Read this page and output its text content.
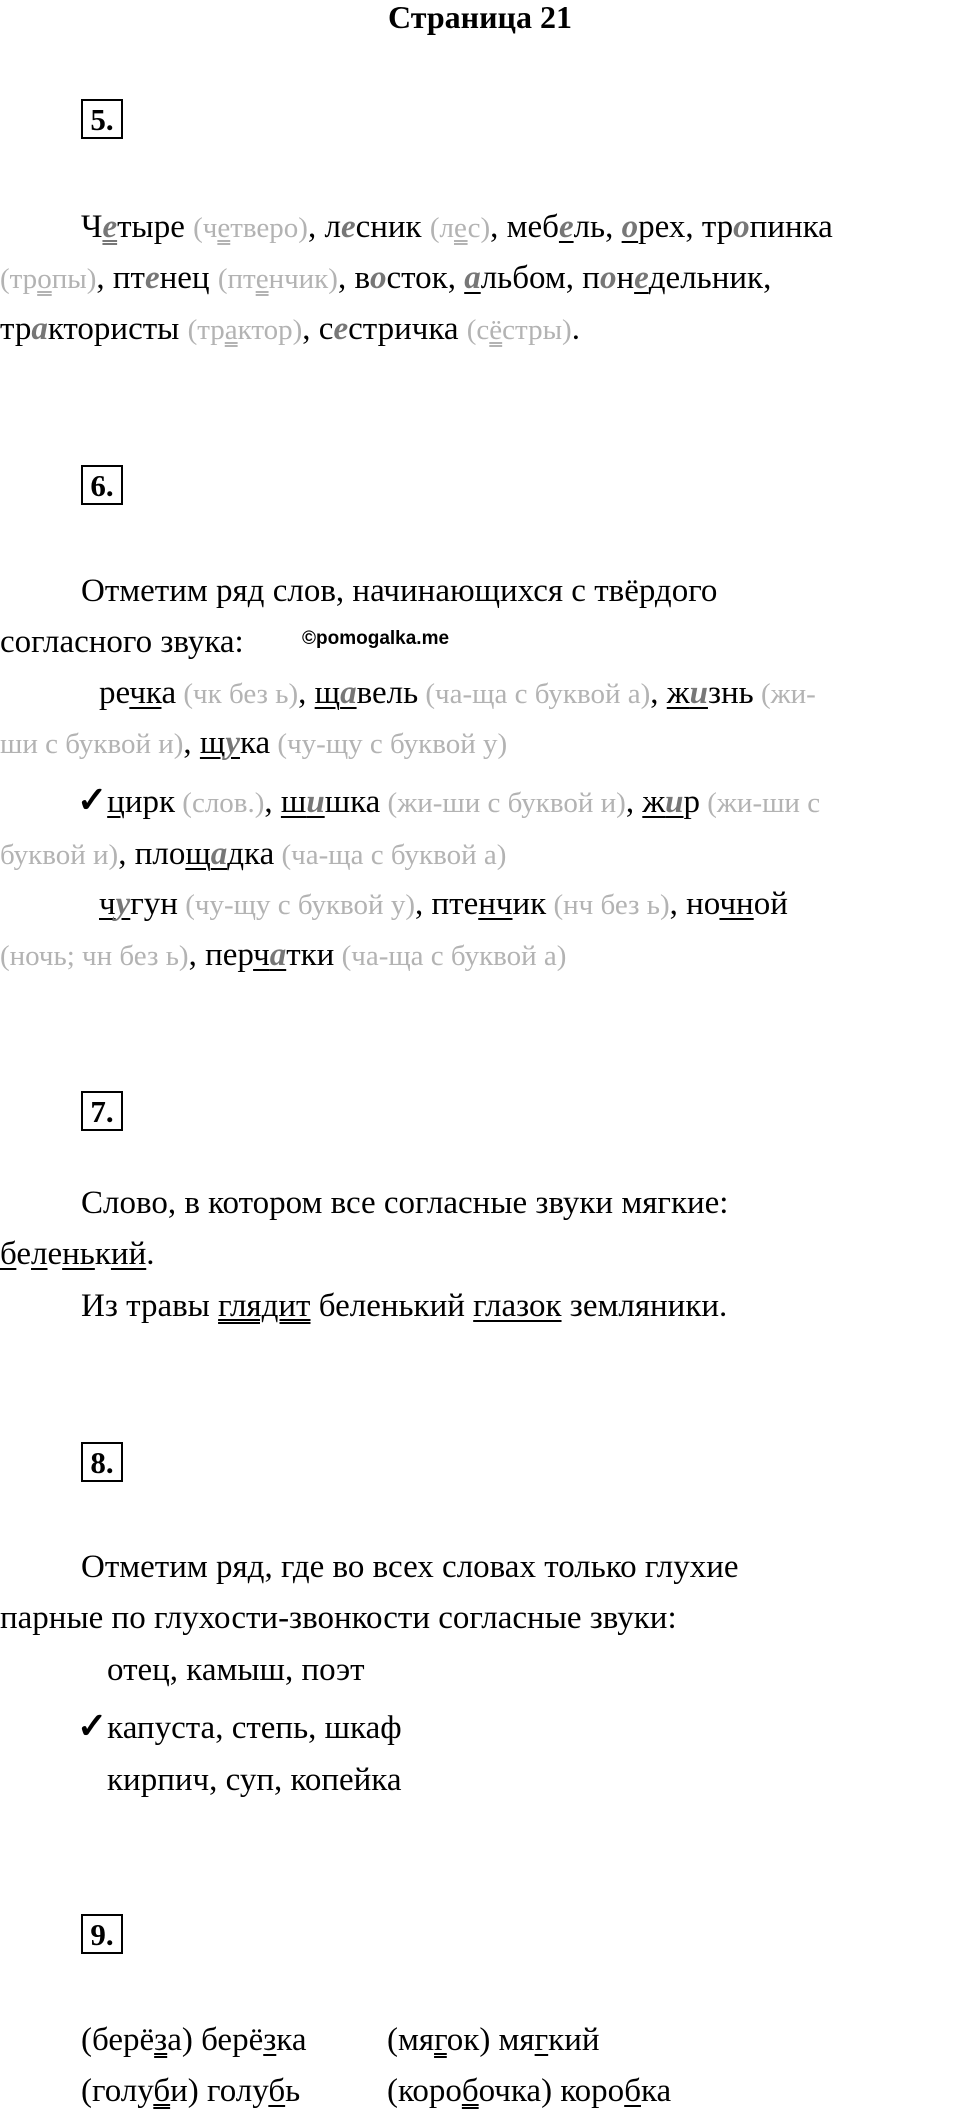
Страница 21
5.
Четыре (четверо), лесник (лес), мебель, орех, тропинка
(тропы), птенец (птенчик), восток, альбом, понедельник,
трактористы (трактор), сестричка (сёстры).
6.
Отметим ряд слов, начинающихся с твёрдого
согласного звука:	©pomogalka.me
речка (чк без ь), щавель (ча-ща с буквой а), жизнь (жи-
ши с буквой и), щука (чу-щу с буквой у)
✓цирк (слов.), шишка (жи-ши с буквой и), жир (жи-ши с
буквой и), площадка (ча-ща с буквой а)
чугун (чу-щу с буквой у), птенчик (нч без ь), ночной
(ночь; чн без ь), перчатки (ча-ща с буквой а)
7.
Слово, в котором все согласные звуки мягкие:
беленький.
Из травы глядит беленький глазок земляники.
8.
Отметим ряд, где во всех словах только глухие
парные по глухости-звонкости согласные звуки:
отец, камыш, поэт
✓капуста, степь, шкаф
кирпич, суп, копейка
9.
(берёза) берёзка (мягок) мягкий
(голуби) голубь	(коробочка) коробка
